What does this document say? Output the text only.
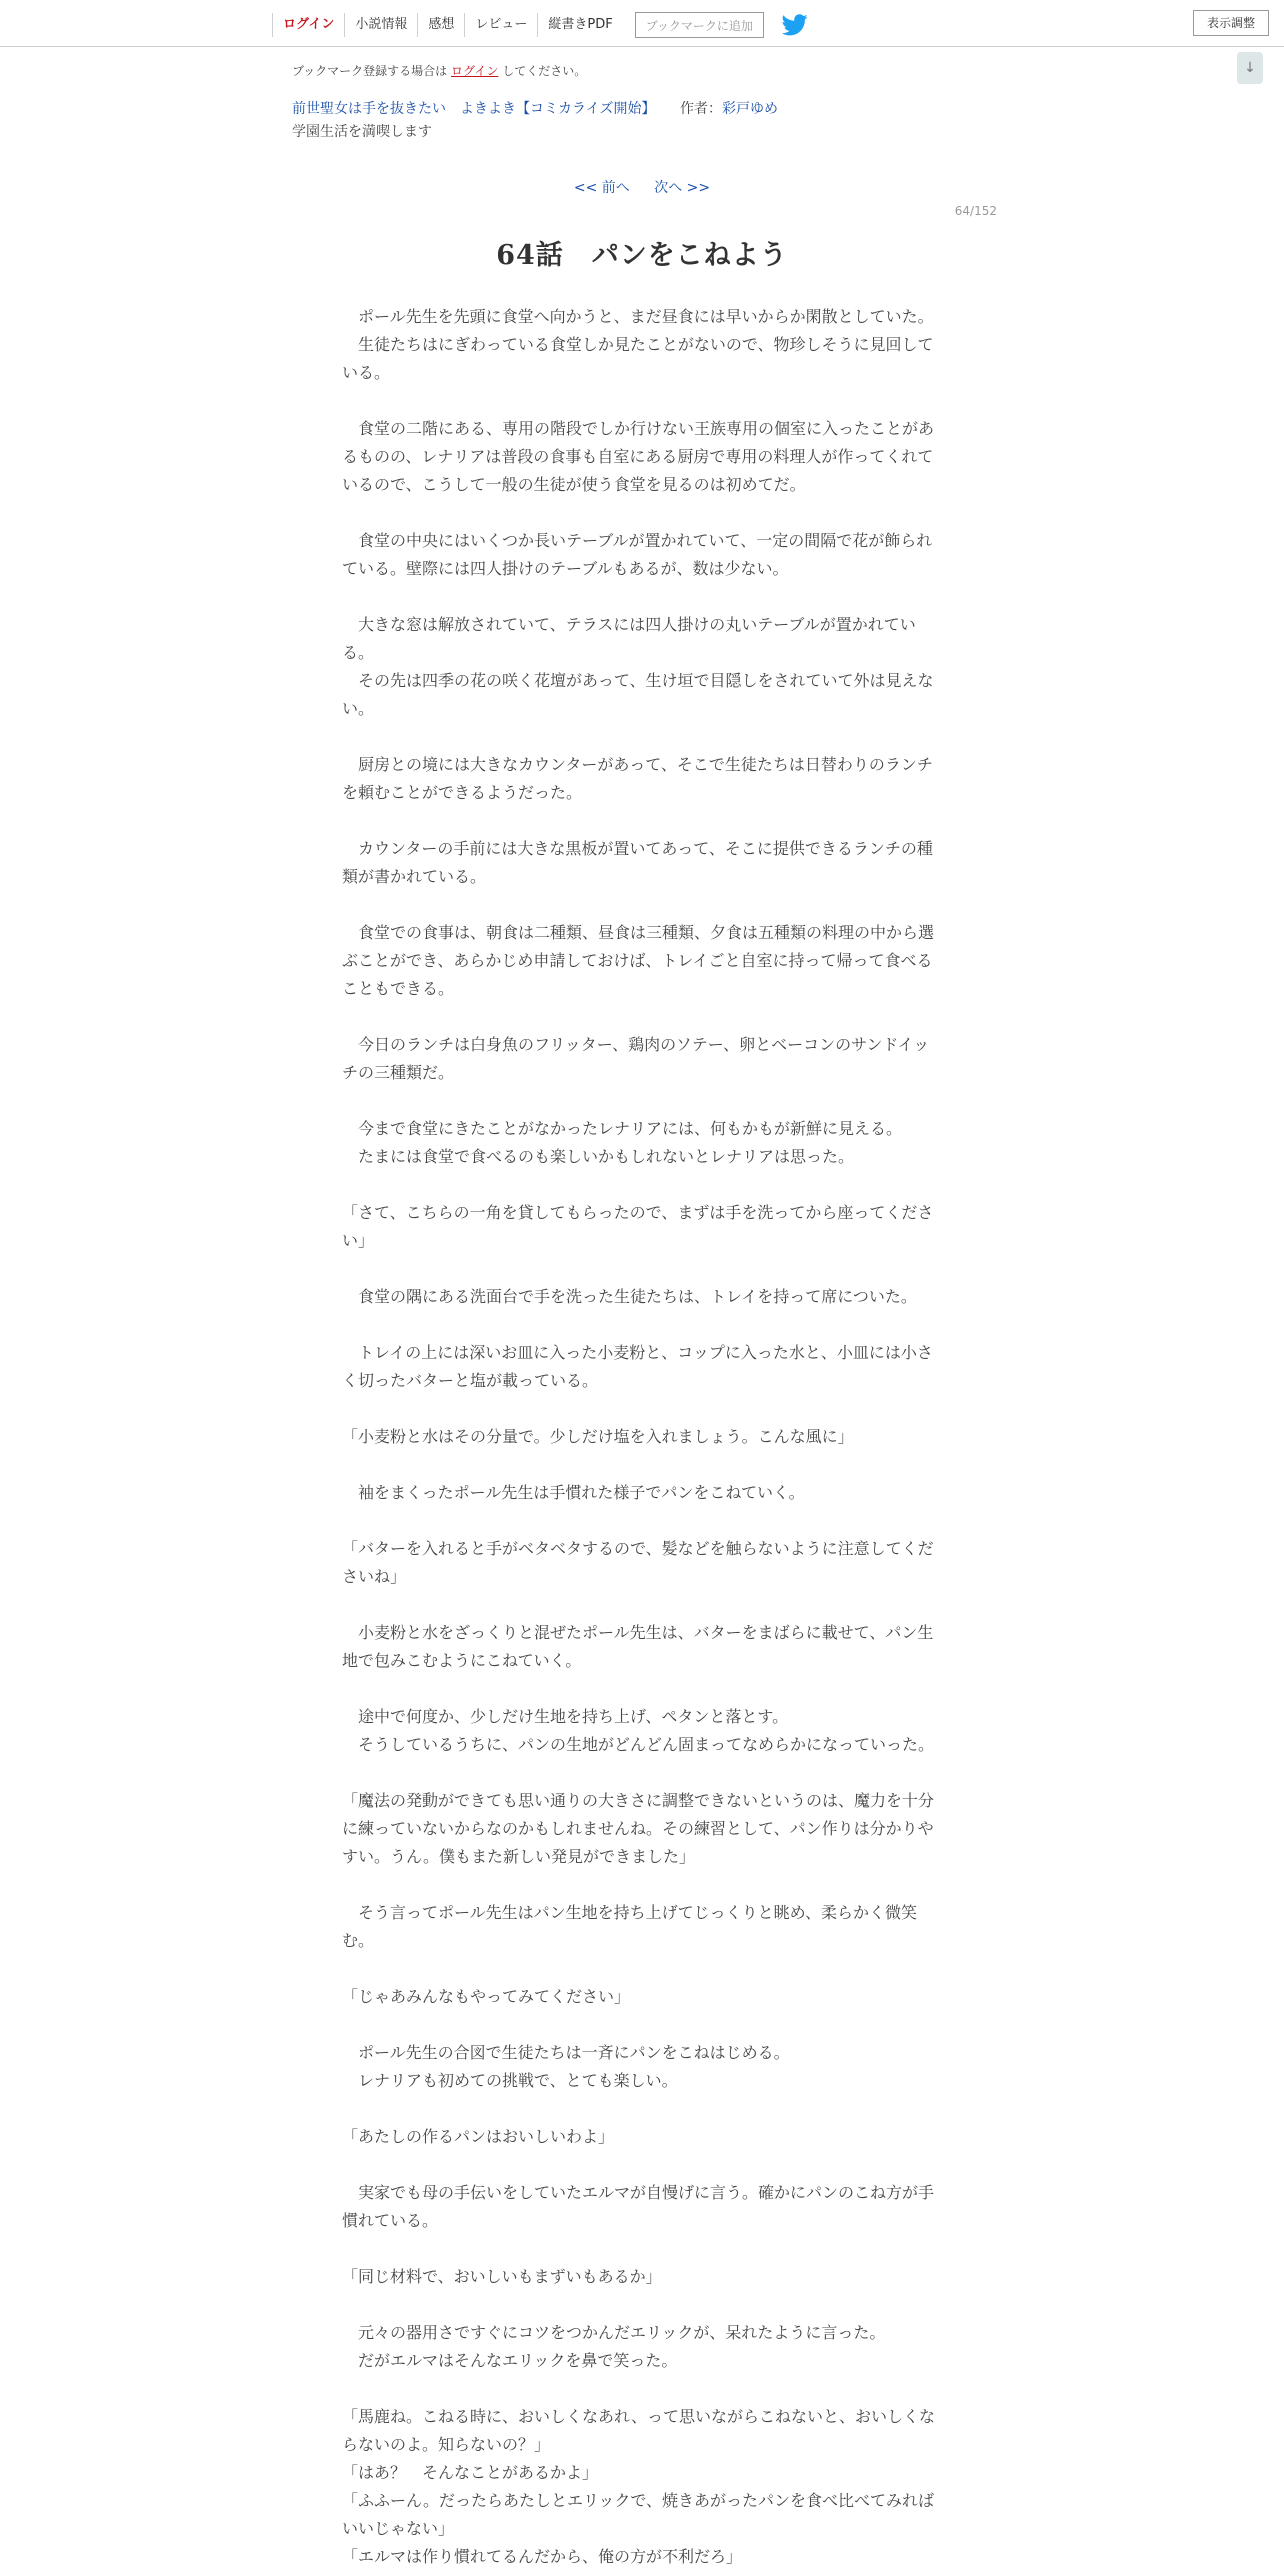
ログイン	小説情報	感想	レビュー	縦書きPDF	ブックマークに追加	表示調整
↓
ブックマーク登録する場合は ログイン してください。
前世聖女は手を抜きたい　よきよき【コミカライズ開始】 作者：彩戸ゆめ
学園生活を満喫します
<< 前へ 次へ >>
64/152
64話　パンをこねよう
　ポール先生を先頭に食堂へ向かうと、まだ昼食には早いからか閑散としていた。
　生徒たちはにぎわっている食堂しか見たことがないので、物珍しそうに見回している。
　食堂の二階にある、専用の階段でしか行けない王族専用の個室に入ったことがあるものの、レナリアは普段の食事も自室にある厨房で専用の料理人が作ってくれているので、こうして一般の生徒が使う食堂を見るのは初めてだ。
　食堂の中央にはいくつか長いテーブルが置かれていて、一定の間隔で花が飾られている。壁際には四人掛けのテーブルもあるが、数は少ない。
　大きな窓は解放されていて、テラスには四人掛けの丸いテーブルが置かれている。
　その先は四季の花の咲く花壇があって、生け垣で目隠しをされていて外は見えない。
　厨房との境には大きなカウンターがあって、そこで生徒たちは日替わりのランチを頼むことができるようだった。
　カウンターの手前には大きな黒板が置いてあって、そこに提供できるランチの種類が書かれている。
　食堂での食事は、朝食は二種類、昼食は三種類、夕食は五種類の料理の中から選ぶことができ、あらかじめ申請しておけば、トレイごと自室に持って帰って食べることもできる。
　今日のランチは白身魚のフリッター、鶏肉のソテー、卵とベーコンのサンドイッチの三種類だ。
　今まで食堂にきたことがなかったレナリアには、何もかもが新鮮に見える。
　たまには食堂で食べるのも楽しいかもしれないとレナリアは思った。
「さて、こちらの一角を貸してもらったので、まずは手を洗ってから座ってください」
　食堂の隅にある洗面台で手を洗った生徒たちは、トレイを持って席についた。
　トレイの上には深いお皿に入った小麦粉と、コップに入った水と、小皿には小さく切ったバターと塩が載っている。
「小麦粉と水はその分量で。少しだけ塩を入れましょう。こんな風に」
　袖をまくったポール先生は手慣れた様子でパンをこねていく。
「バターを入れると手がベタベタするので、髪などを触らないように注意してくださいね」
　小麦粉と水をざっくりと混ぜたポール先生は、バターをまばらに載せて、パン生地で包みこむようにこねていく。
　途中で何度か、少しだけ生地を持ち上げ、ペタンと落とす。
　そうしているうちに、パンの生地がどんどん固まってなめらかになっていった。
「魔法の発動ができても思い通りの大きさに調整できないというのは、魔力を十分に練っていないからなのかもしれませんね。その練習として、パン作りは分かりやすい。うん。僕もまた新しい発見ができました」
　そう言ってポール先生はパン生地を持ち上げてじっくりと眺め、柔らかく微笑む。
「じゃあみんなもやってみてください」
　ポール先生の合図で生徒たちは一斉にパンをこねはじめる。
　レナリアも初めての挑戦で、とても楽しい。
「あたしの作るパンはおいしいわよ」
　実家でも母の手伝いをしていたエルマが自慢げに言う。確かにパンのこね方が手慣れている。
「同じ材料で、おいしいもまずいもあるか」
　元々の器用さですぐにコツをつかんだエリックが、呆れたように言った。
　だがエルマはそんなエリックを鼻で笑った。
「馬鹿ね。こねる時に、おいしくなあれ、って思いながらこねないと、おいしくならないのよ。知らないの？」
「はあ？　そんなことがあるかよ」
「ふふーん。だったらあたしとエリックで、焼きあがったパンを食べ比べてみればいいじゃない」
「エルマは作り慣れてるんだから、俺の方が不利だろ」
